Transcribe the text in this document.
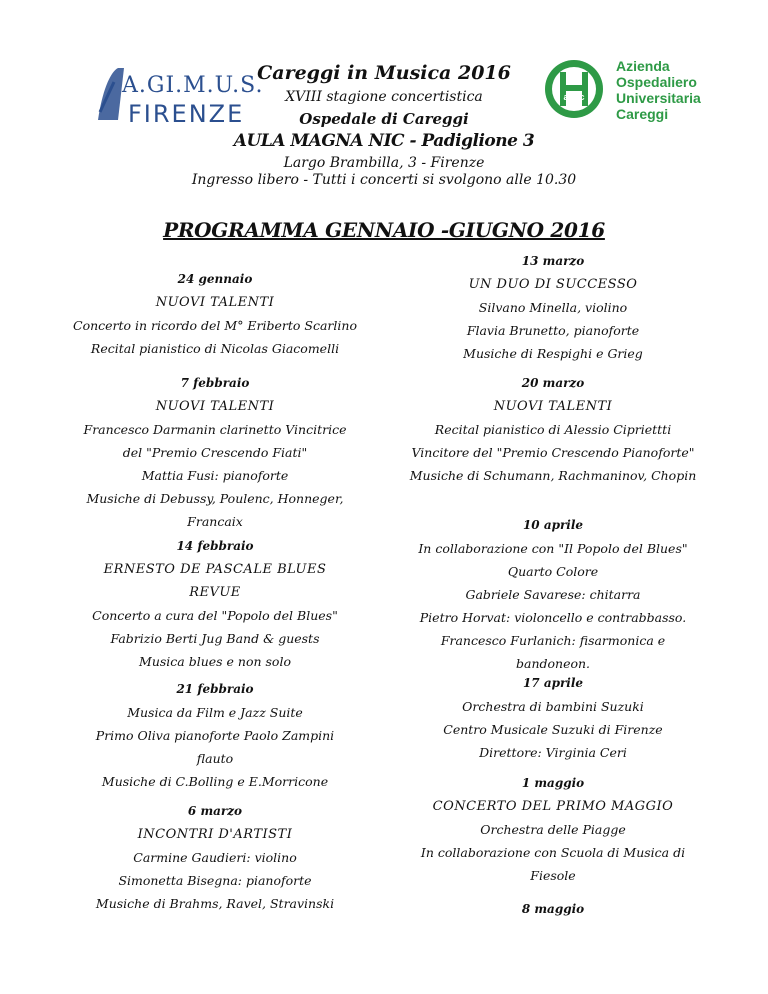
A.GI.M.U.S.
FIRENZE
aouc
Azienda
Ospedaliero
Universitaria
Careggi
Careggi in Musica 2016
XVIII stagione concertistica
Ospedale di Careggi
AULA MAGNA NIC - Padiglione 3
Largo Brambilla, 3 - Firenze
Ingresso libero - Tutti i concerti si svolgono alle 10.30
PROGRAMMA GENNAIO -GIUGNO 2016
24 gennaio
NUOVI TALENTI
Concerto in ricordo del M° Eriberto Scarlino
Recital pianistico di Nicolas Giacomelli
7 febbraio
NUOVI TALENTI
Francesco Darmanin clarinetto Vincitrice
del "Premio Crescendo Fiati"
Mattia Fusi: pianoforte
Musiche di Debussy, Poulenc, Honneger,
Francaix
14 febbraio
ERNESTO DE PASCALE BLUES
REVUE
Concerto a cura del "Popolo del Blues"
Fabrizio Berti Jug Band & guests
Musica blues e non solo
21 febbraio
Musica da Film e Jazz Suite
Primo Oliva pianoforte Paolo Zampini
flauto
Musiche di C.Bolling e E.Morricone
6 marzo
INCONTRI D'ARTISTI
Carmine Gaudieri: violino
Simonetta Bisegna: pianoforte
Musiche di Brahms, Ravel, Stravinski
13 marzo
UN DUO DI SUCCESSO
Silvano Minella, violino
Flavia Brunetto, pianoforte
Musiche di Respighi e Grieg
20 marzo
NUOVI TALENTI
Recital pianistico di Alessio Cipriettti
Vincitore del "Premio Crescendo Pianoforte"
Musiche di Schumann, Rachmaninov, Chopin
10 aprile
In collaborazione con "Il Popolo del Blues"
Quarto Colore
Gabriele Savarese: chitarra
Pietro Horvat: violoncello e contrabbasso.
Francesco Furlanich: fisarmonica e
bandoneon.
17 aprile
Orchestra di bambini Suzuki
Centro Musicale Suzuki di Firenze
Direttore: Virginia Ceri
1 maggio
CONCERTO DEL PRIMO MAGGIO
Orchestra delle Piagge
In collaborazione con Scuola di Musica di
Fiesole
8 maggio
